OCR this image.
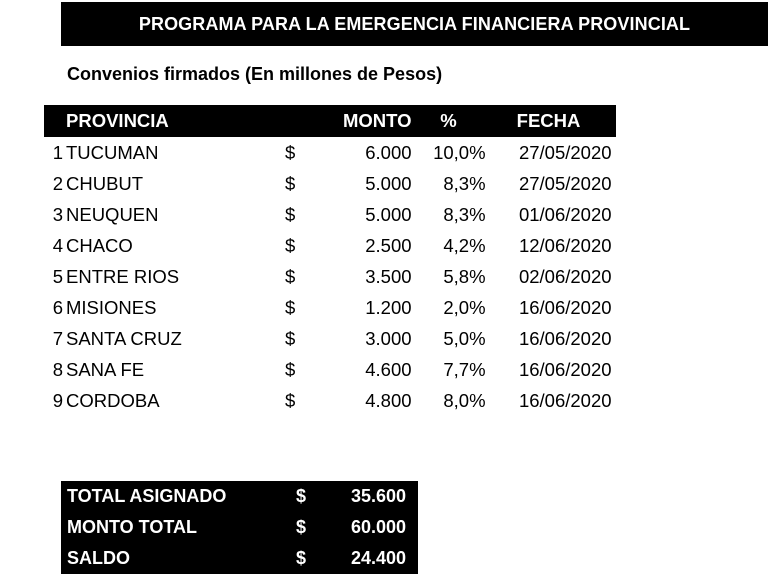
PROGRAMA PARA LA EMERGENCIA FINANCIERA PROVINCIAL
Convenios firmados (En millones de Pesos)
	PROVINCIA		MONTO	%	FECHA
1	TUCUMAN	$	6.000	10,0%	27/05/2020
2	CHUBUT	$	5.000	8,3%	27/05/2020
3	NEUQUEN	$	5.000	8,3%	01/06/2020
4	CHACO	$	2.500	4,2%	12/06/2020
5	ENTRE RIOS	$	3.500	5,8%	02/06/2020
6	MISIONES	$	1.200	2,0%	16/06/2020
7	SANTA CRUZ	$	3.000	5,0%	16/06/2020
8	SANA FE	$	4.600	7,7%	16/06/2020
9	CORDOBA	$	4.800	8,0%	16/06/2020
TOTAL ASIGNADO	$	35.600
MONTO TOTAL	$	60.000
SALDO	$	24.400
